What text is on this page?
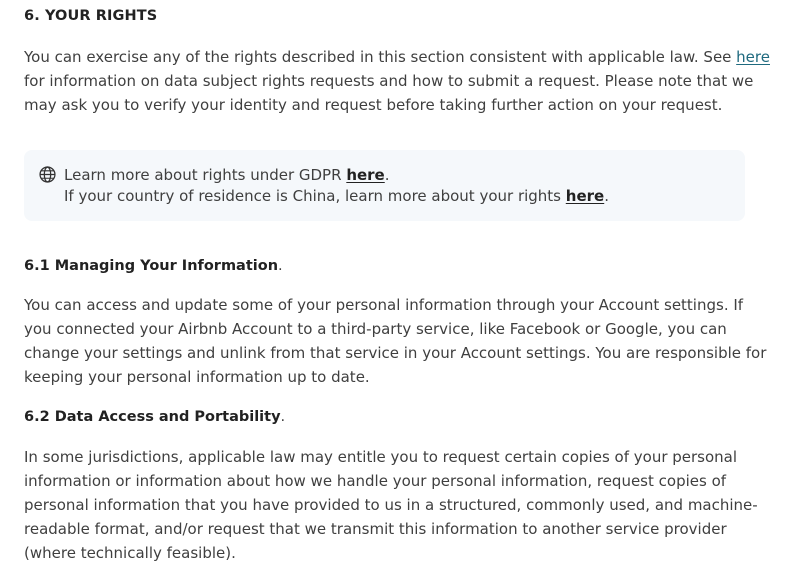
6. YOUR RIGHTS

You can exercise any of the rights described in this section consistent with applicable law. See here
for information on data subject rights requests and how to submit a request. Please note that we
may ask you to verify your identity and request before taking further action on your request.

Learn more about rights under GDPR here.

If your country of residence is China, learn more about your rights here.

6.1 Managing Your Information.

You can access and update some of your personal information through your Account settings. If
you connected your Airbnb Account to a third-party service, like Facebook or Google, you can
change your settings and unlink from that service in your Account settings. You are responsible for
keeping your personal information up to date.

6.2 Data Access and Portability.

In some jurisdictions, applicable law may entitle you to request certain copies of your personal
information or information about how we handle your personal information, request copies of
personal information that you have provided to us in a structured, commonly used, and machine-
readable format, and/or request that we transmit this information to another service provider
(where technically feasible).
